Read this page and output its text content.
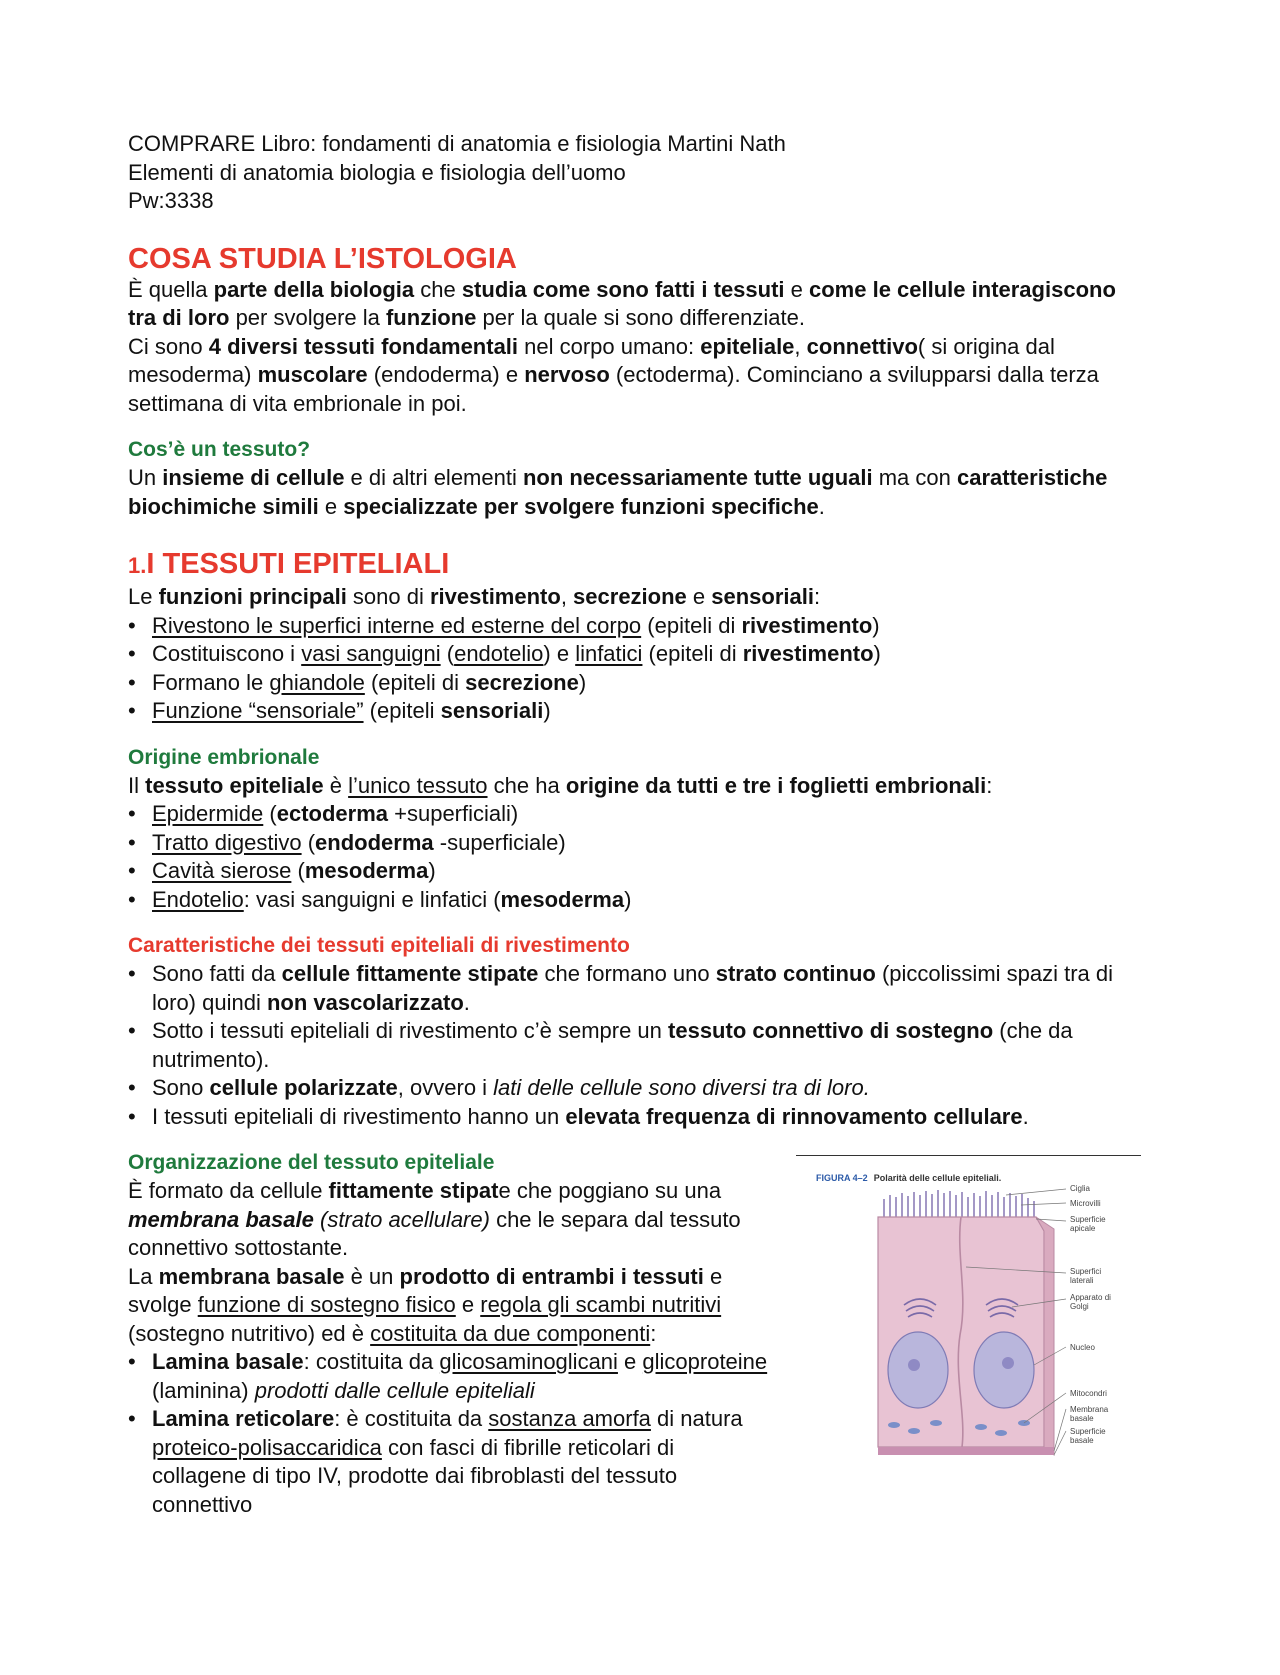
COMPRARE Libro: fondamenti di anatomia e fisiologia Martini Nath

Elementi di anatomia biologia e fisiologia dell’uomo

Pw:3338

COSA STUDIA L’ISTOLOGIA

È quella parte della biologia che studia come sono fatti i tessuti e come le cellule interagiscono tra di loro per svolgere la funzione per la quale si sono differenziate.

Ci sono 4 diversi tessuti fondamentali nel corpo umano: epiteliale, connettivo( si origina dal mesoderma) muscolare (endoderma) e nervoso (ectoderma). Cominciano a svilupparsi dalla terza settimana di vita embrionale in poi.

Cos’è un tessuto?

Un insieme di cellule e di altri elementi non necessariamente tutte uguali ma con caratteristiche biochimiche simili e specializzate per svolgere funzioni specifiche.

1.I TESSUTI EPITELIALI

Le funzioni principali sono di rivestimento, secrezione e sensoriali:

• Rivestono le superfici interne ed esterne del corpo (epiteli di rivestimento)
• Costituiscono i vasi sanguigni (endotelio) e linfatici (epiteli di rivestimento)
• Formano le ghiandole (epiteli di secrezione)
• Funzione “sensoriale” (epiteli sensoriali)
Origine embrionale

Il tessuto epiteliale è l’unico tessuto che ha origine da tutti e tre i foglietti embrionali:

• Epidermide (ectoderma +superficiali)
• Tratto digestivo (endoderma -superficiale)
• Cavità sierose (mesoderma)
• Endotelio: vasi sanguigni e linfatici (mesoderma)
Caratteristiche dei tessuti epiteliali di rivestimento
• Sono fatti da cellule fittamente stipate che formano uno strato continuo (piccolissimi spazi tra di loro) quindi non vascolarizzato.
• Sotto i tessuti epiteliali di rivestimento c’è sempre un tessuto connettivo di sostegno (che da nutrimento).
• Sono cellule polarizzate, ovvero i lati delle cellule sono diversi tra di loro.
• I tessuti epiteliali di rivestimento hanno un elevata frequenza di rinnovamento cellulare.
Organizzazione del tessuto epiteliale

È formato da cellule fittamente stipate che poggiano su una membrana basale (strato acellulare) che le separa dal tessuto connettivo sottostante.

La membrana basale è un prodotto di entrambi i tessuti e svolge funzione di sostegno fisico e regola gli scambi nutritivi (sostegno nutritivo) ed è costituita da due componenti:

• Lamina basale: costituita da glicosaminoglicani e glicoproteine (laminina) prodotti dalle cellule epiteliali
• Lamina reticolare: è costituita da sostanza amorfa di natura proteico-polisaccaridica con fasci di fibrille reticolari di collagene di tipo IV, prodotte dai fibroblasti del tessuto connettivo
FIGURA 4–2 Polarità delle cellule epiteliali.
Ciglia
Microvilli
Superficie apicale
Superfici laterali
Apparato di Golgi
Nucleo
Mitocondri
Membrana basale
Superficie basale
